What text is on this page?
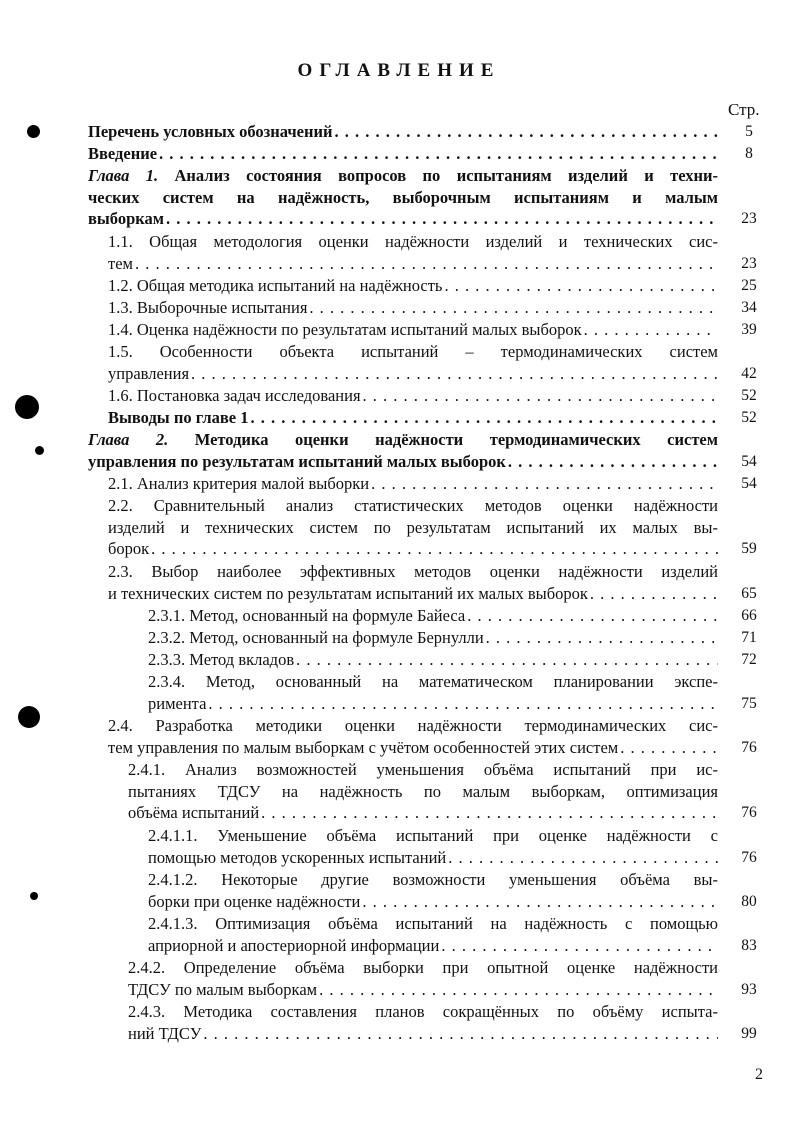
ОГЛАВЛЕНИЕ
Стр.
Перечень условных обозначений . . .	5
Введение . . .	8
Глава 1. Анализ состояния вопросов по испытаниям изделий и техни-
ческих систем на надёжность, выборочным испытаниям и малым
выборкам . . .	23
1.1. Общая методология оценки надёжности изделий и технических сис-
тем . . .	23
1.2. Общая методика испытаний на надёжность . . .	25
1.3. Выборочные испытания . . .	34
1.4. Оценка надёжности по результатам испытаний малых выборок . . .	39
1.5. Особенности объекта испытаний – термодинамических систем
управления . . .	42
1.6. Постановка задач исследования . . .	52
Выводы по главе 1 . . .	52
Глава 2. Методика оценки надёжности термодинамических систем
управления по результатам испытаний малых выборок . . .	54
2.1. Анализ критерия малой выборки . . .	54
2.2. Сравнительный анализ статистических методов оценки надёжности
изделий и технических систем по результатам испытаний их малых вы-
борок . . .	59
2.3. Выбор наиболее эффективных методов оценки надёжности изделий
и технических систем по результатам испытаний их малых выборок . . .	65
2.3.1. Метод, основанный на формуле Байеса . . .	66
2.3.2. Метод, основанный на формуле Бернулли . . .	71
2.3.3. Метод вкладов . . .	72
2.3.4. Метод, основанный на математическом планировании экспе-
римента . . .	75
2.4. Разработка методики оценки надёжности термодинамических сис-
тем управления по малым выборкам с учётом особенностей этих систем . . .	76
2.4.1. Анализ возможностей уменьшения объёма испытаний при ис-
пытаниях ТДСУ на надёжность по малым выборкам, оптимизация
объёма испытаний . . .	76
2.4.1.1. Уменьшение объёма испытаний при оценке надёжности с
помощью методов ускоренных испытаний . . .	76
2.4.1.2. Некоторые другие возможности уменьшения объёма вы-
борки при оценке надёжности . . .	80
2.4.1.3. Оптимизация объёма испытаний на надёжность с помощью
априорной и апостериорной информации . . .	83
2.4.2. Определение объёма выборки при опытной оценке надёжности
ТДСУ по малым выборкам . . .	93
2.4.3. Методика составления планов сокращённых по объёму испыта-
ний ТДСУ . . .	99
2
